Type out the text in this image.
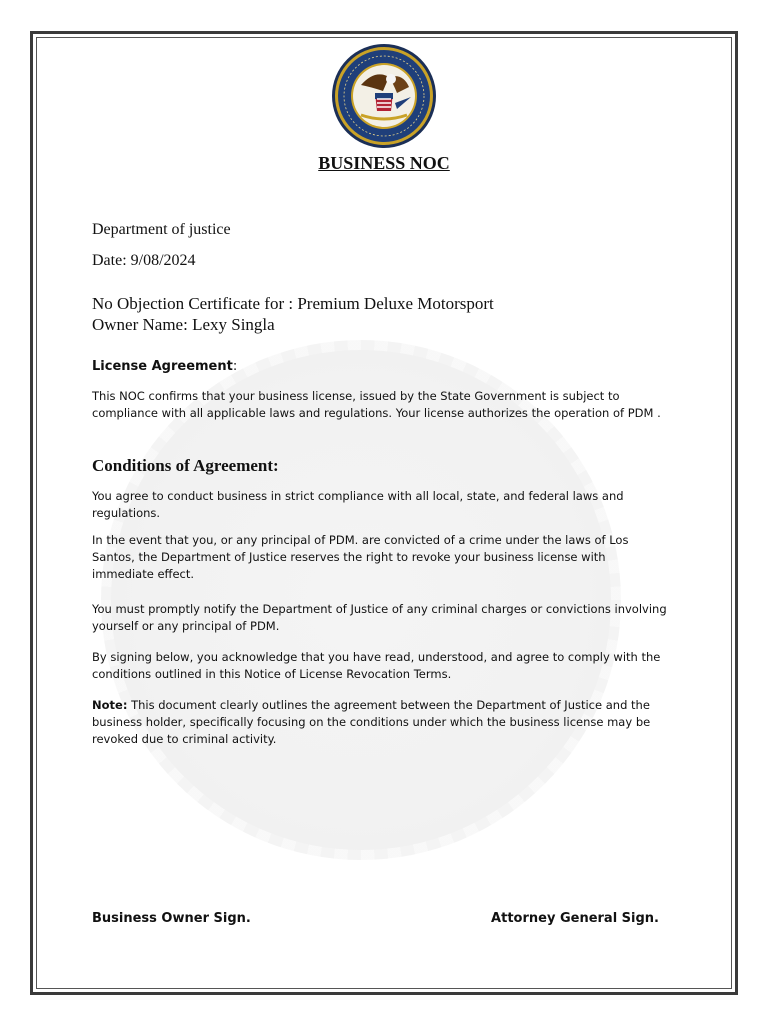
BUSINESS NOC
Department of justice
Date: 9/08/2024
No Objection Certificate for : Premium Deluxe Motorsport
Owner Name: Lexy Singla
License Agreement:
This NOC confirms that your business license, issued by the State Government is subject to compliance with all applicable laws and regulations. Your license authorizes the operation of PDM .
Conditions of Agreement:
You agree to conduct business in strict compliance with all local, state, and federal laws and regulations.
In the event that you, or any principal of PDM. are convicted of a crime under the laws of Los Santos, the Department of Justice reserves the right to revoke your business license with immediate effect.
You must promptly notify the Department of Justice of any criminal charges or convictions involving yourself or any principal of PDM.
By signing below, you acknowledge that you have read, understood, and agree to comply with the conditions outlined in this Notice of License Revocation Terms.
Note: This document clearly outlines the agreement between the Department of Justice and the business holder, specifically focusing on the conditions under which the business license may be revoked due to criminal activity.
Business Owner Sign.	Attorney General Sign.
